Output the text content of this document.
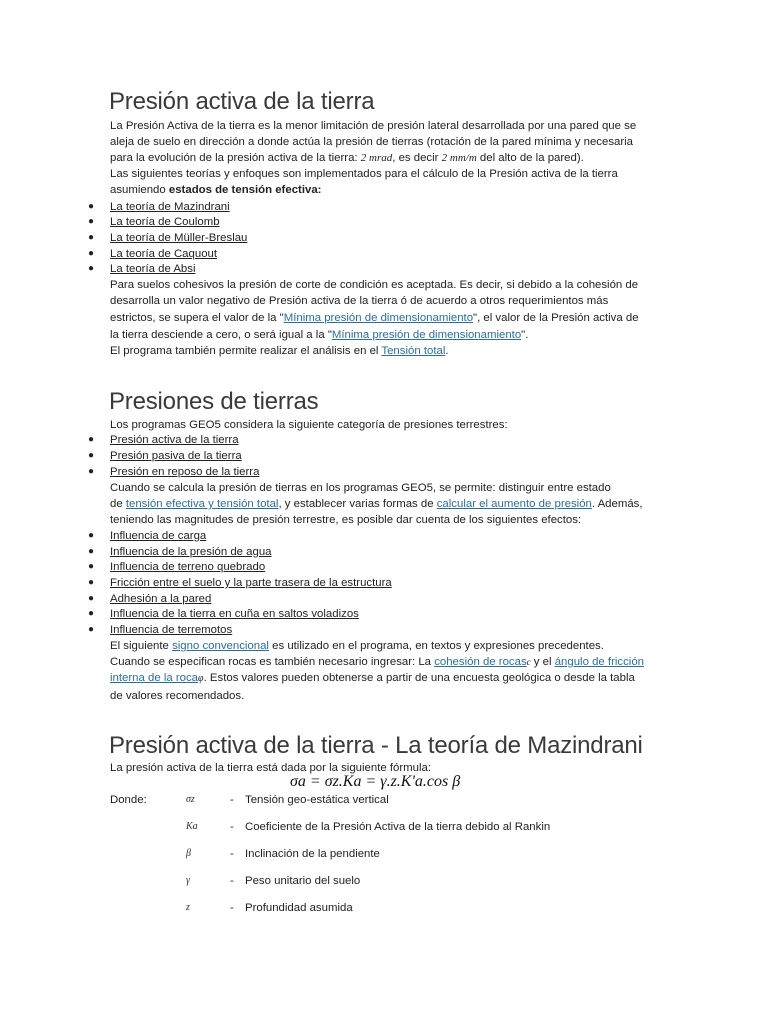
Presión activa de la tierra

La Presión Activa de la tierra es la menor limitación de presión lateral desarrollada por una pared que se

aleja de suelo en dirección a donde actúa la presión de tierras (rotación de la pared mínima y necesaria

para la evolución de la presión activa de la tierra: 2 mrad, es decir 2 mm/m del alto de la pared).

Las siguientes teorías y enfoques son implementados para el cálculo de la Presión activa de la tierra

asumiendo estados de tensión efectiva:

● La teoría de Mazindrani
● La teoría de Coulomb
● La teoría de Müller-Breslau
● La teoría de Caquout
● La teoría de Absi

Para suelos cohesivos la presión de corte de condición es aceptada. Es decir, si debido a la cohesión de

desarrolla un valor negativo de Presión activa de la tierra ó de acuerdo a otros requerimientos más

estrictos, se supera el valor de la "Mínima presión de dimensionamiento", el valor de la Presión activa de

la tierra desciende a cero, o será igual a la "Mínima presión de dimensionamiento".

El programa también permite realizar el análisis en el Tensión total.

Presiones de tierras

Los programas GEO5 considera la siguiente categoría de presiones terrestres:

● Presión activa de la tierra
● Presión pasiva de la tierra
● Presión en reposo de la tierra

Cuando se calcula la presión de tierras en los programas GEO5, se permite: distinguir entre estado

de tensión efectiva y tensión total, y establecer varias formas de calcular el aumento de presión. Además,

teniendo las magnitudes de presión terrestre, es posible dar cuenta de los siguientes efectos:

● Influencia de carga
● Influencia de la presión de agua
● Influencia de terreno quebrado
● Fricción entre el suelo y la parte trasera de la estructura
● Adhesión a la pared
● Influencia de la tierra en cuña en saltos voladizos
● Influencia de terremotos

El siguiente signo convencional es utilizado en el programa, en textos y expresiones precedentes.

Cuando se especifican rocas es también necesario ingresar: La cohesión de rocasc y el ángulo de fricción

interna de la rocaφ. Estos valores pueden obtenerse a partir de una encuesta geológica o desde la tabla

de valores recomendados.

Presión activa de la tierra - La teoría de Mazindrani

La presión activa de la tierra está dada por la siguiente fórmula:

σa = σz.Ka = γ.z.K'a.cos β

Donde:	σz	- Tensión geo-estática vertical
Ka	- Coeficiente de la Presión Activa de la tierra debido al Rankin
β	- Inclinación de la pendiente
γ	- Peso unitario del suelo
z	- Profundidad asumida
